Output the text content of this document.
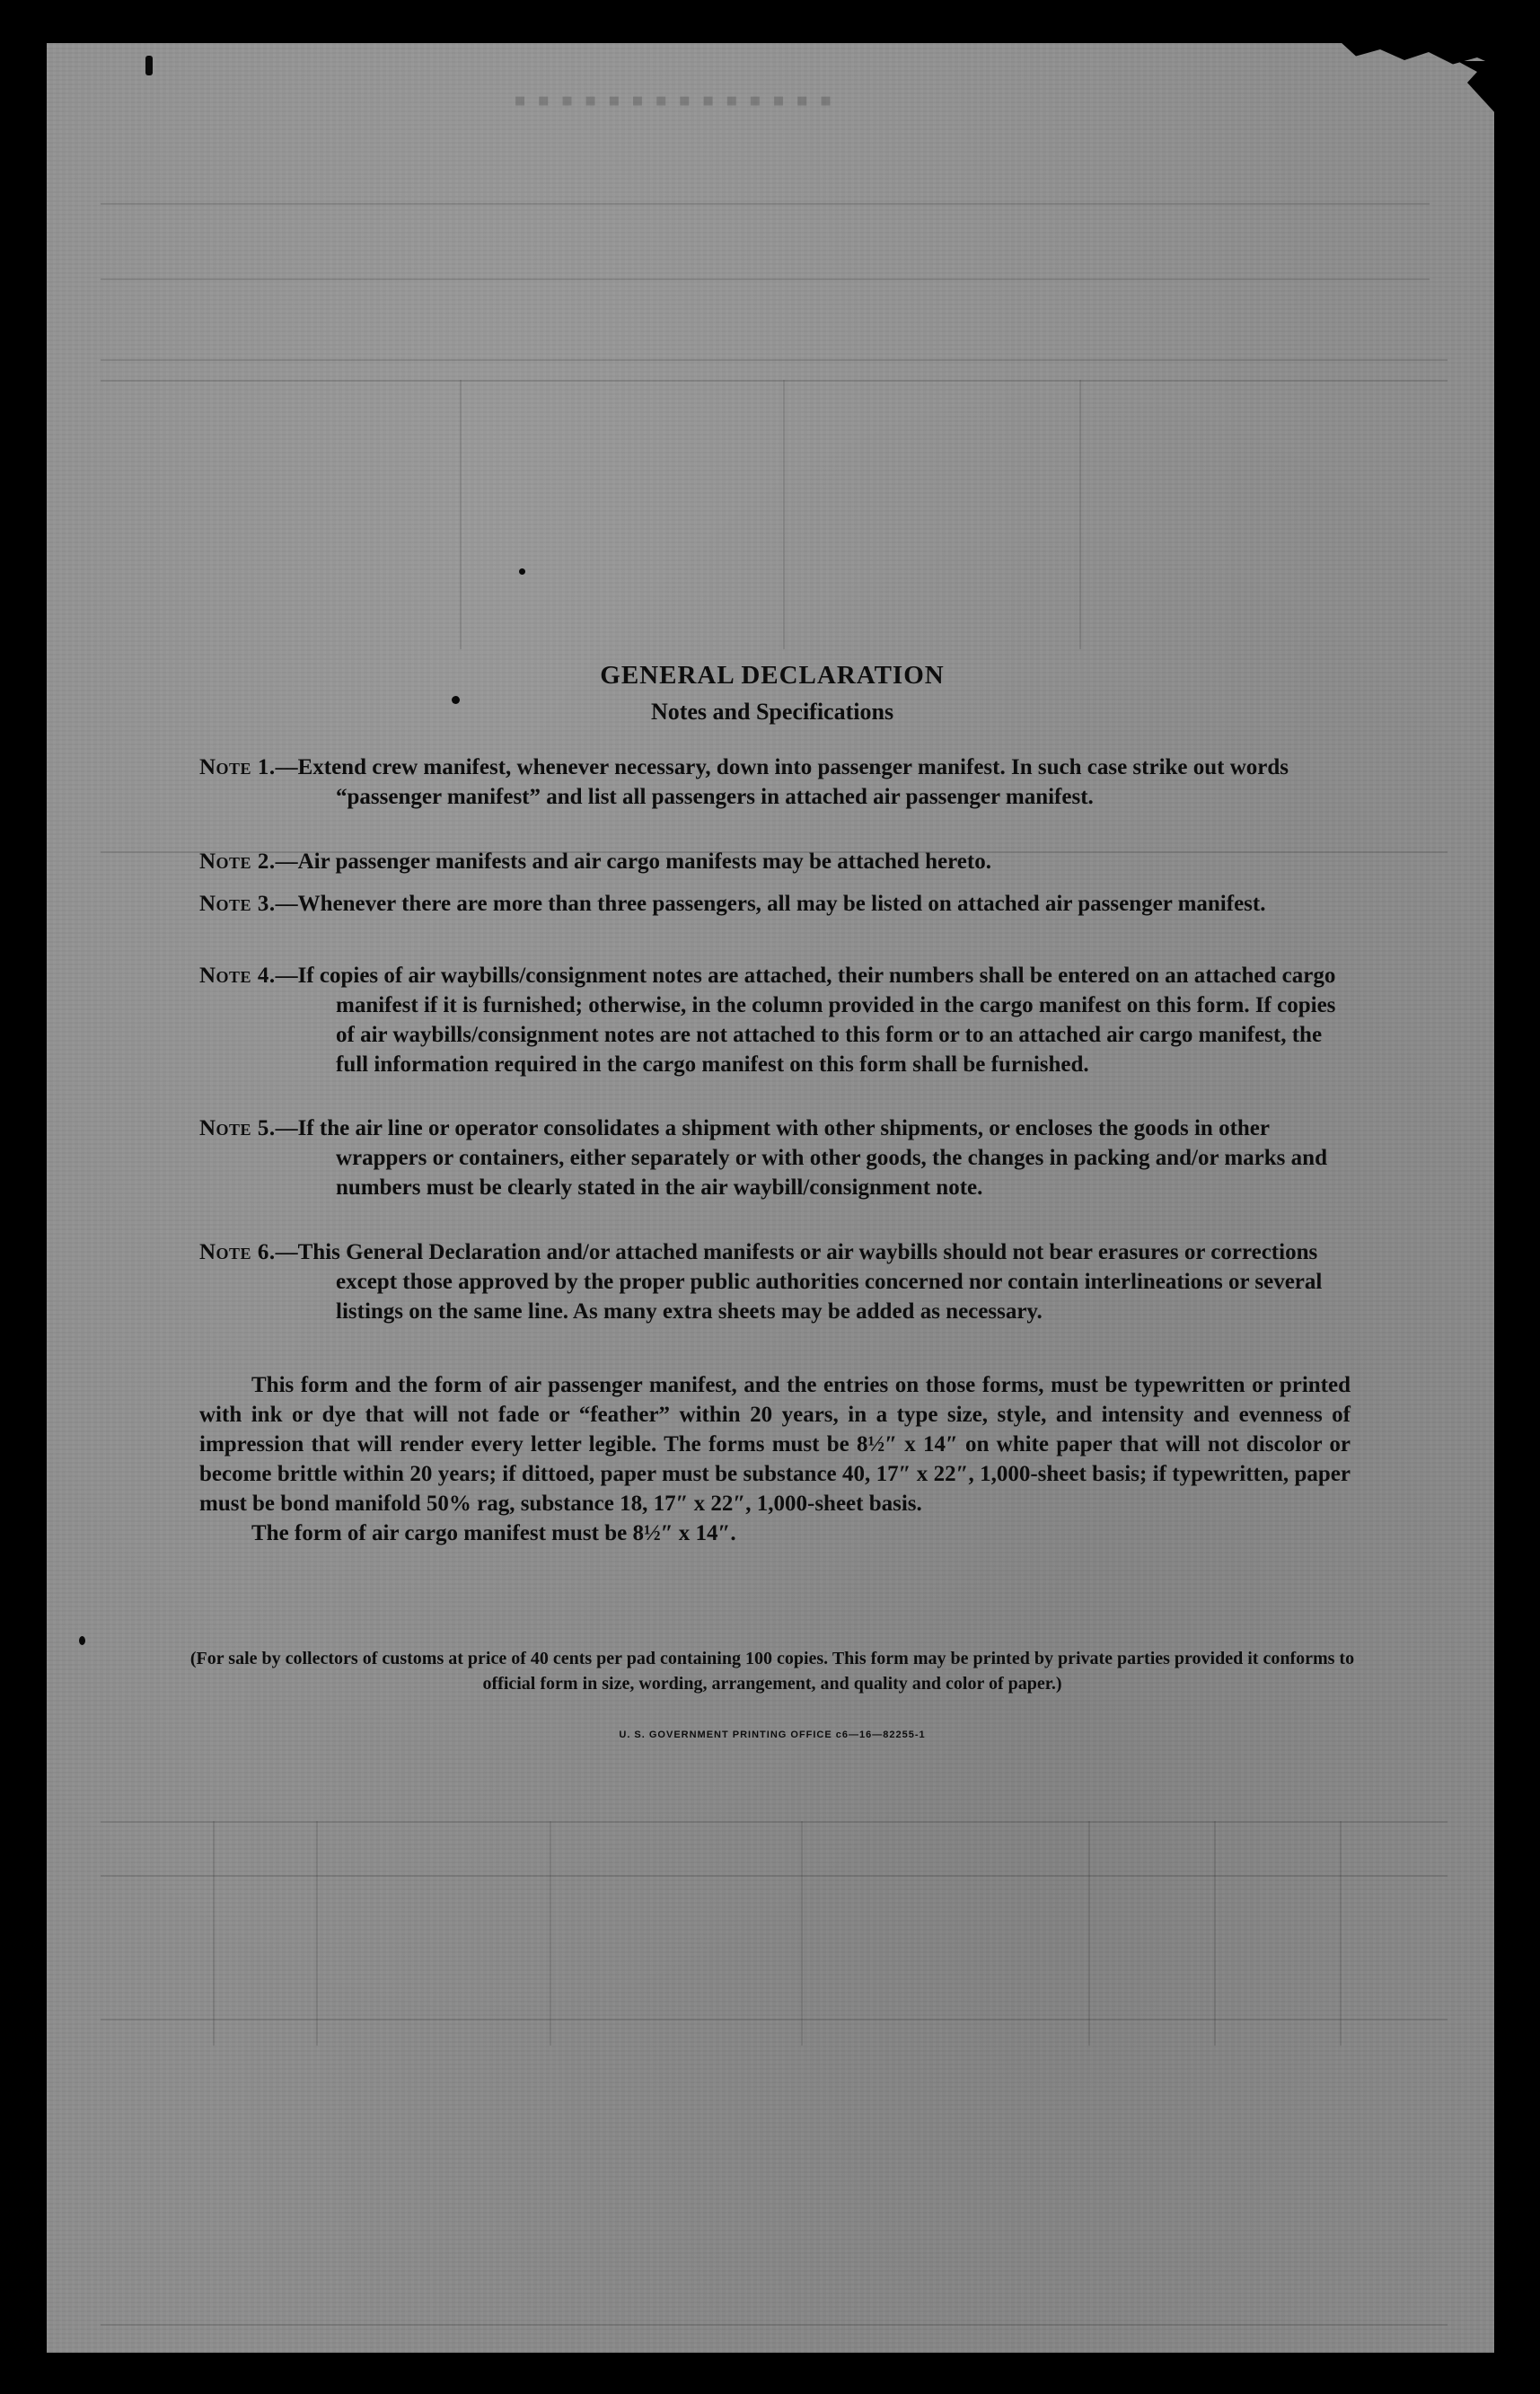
▪▪▪▪▪▪▪▪▪▪▪▪▪▪
GENERAL DECLARATION
Notes and Specifications
Note 1.—Extend crew manifest, whenever necessary, down into passenger manifest. In such case strike out words “passenger manifest” and list all passengers in attached air passenger manifest.
Note 2.—Air passenger manifests and air cargo manifests may be attached hereto.
Note 3.—Whenever there are more than three passengers, all may be listed on attached air passenger manifest.
Note 4.—If copies of air waybills/consignment notes are attached, their numbers shall be entered on an attached cargo manifest if it is furnished; otherwise, in the column provided in the cargo manifest on this form. If copies of air waybills/consignment notes are not attached to this form or to an attached air cargo manifest, the full information required in the cargo manifest on this form shall be furnished.
Note 5.—If the air line or operator consolidates a shipment with other shipments, or encloses the goods in other wrappers or containers, either separately or with other goods, the changes in packing and/or marks and numbers must be clearly stated in the air waybill/consignment note.
Note 6.—This General Declaration and/or attached manifests or air waybills should not bear erasures or corrections except those approved by the proper public authorities concerned nor contain interlineations or several listings on the same line. As many extra sheets may be added as necessary.

This form and the form of air passenger manifest, and the entries on those forms, must be typewritten or printed with ink or dye that will not fade or “feather” within 20 years, in a type size, style, and intensity and evenness of impression that will render every letter legible. The forms must be 8½″ x 14″ on white paper that will not discolor or become brittle within 20 years; if dittoed, paper must be substance 40, 17″ x 22″, 1,000-sheet basis; if typewritten, paper must be bond manifold 50% rag, substance 18, 17″ x 22″, 1,000-sheet basis.

The form of air cargo manifest must be 8½″ x 14″.

(For sale by collectors of customs at price of 40 cents per pad containing 100 copies. This form may be printed by private parties provided it conforms to official form in size, wording, arrangement, and quality and color of paper.)
U. S. GOVERNMENT PRINTING OFFICE c6—16—82255-1
